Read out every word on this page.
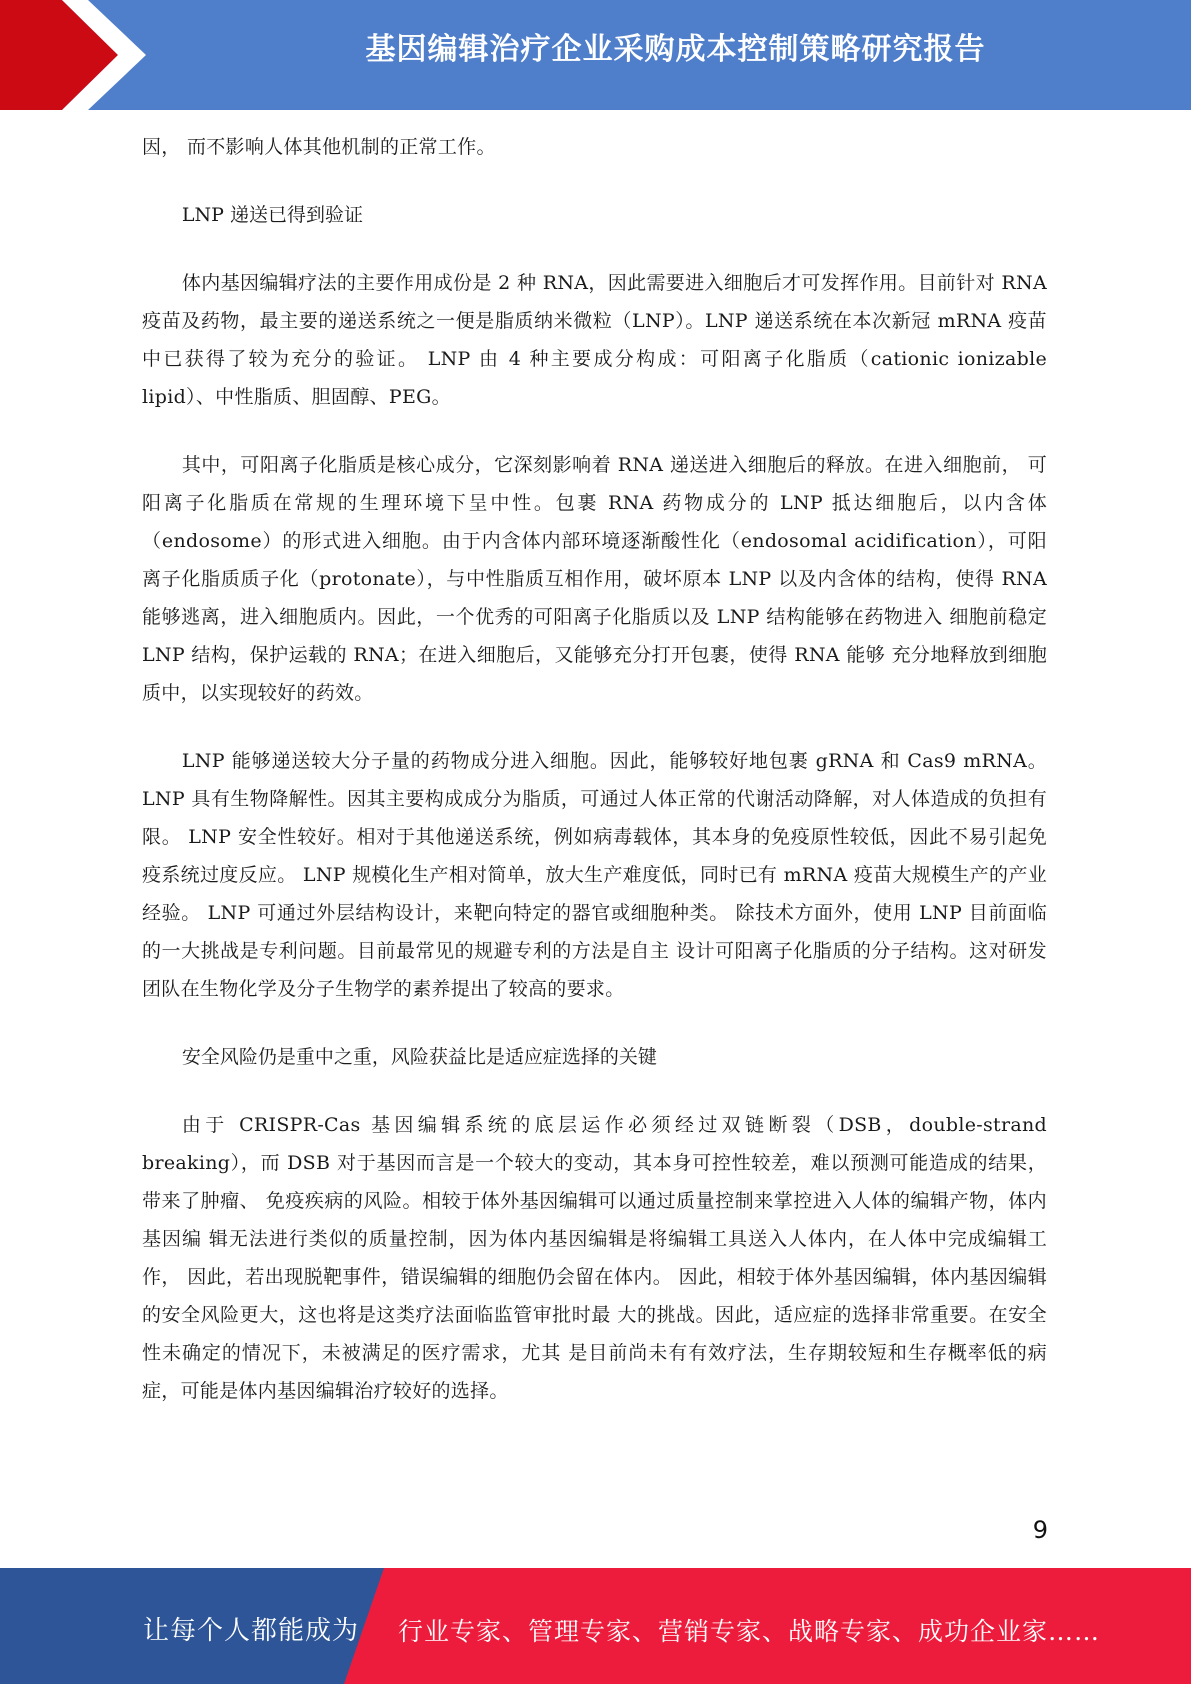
基因编辑治疗企业采购成本控制策略研究报告

因， 而不影响人体其他机制的正常工作。

LNP 递送已得到验证

体内基因编辑疗法的主要作用成份是 2 种 RNA，因此需要进入细胞后才可发挥作用。目前针对 RNA 疫苗及药物，最主要的递送系统之一便是脂质纳米微粒（LNP）。LNP 递送系统在本次新冠 mRNA 疫苗中已获得了较为充分的验证。 LNP 由 4 种主要成分构成：可阳离子化脂质（cationic ionizable lipid）、中性脂质、胆固醇、PEG。

其中，可阳离子化脂质是核心成分，它深刻影响着 RNA 递送进入细胞后的释放。在进入细胞前， 可阳离子化脂质在常规的生理环境下呈中性。包裹 RNA 药物成分的 LNP 抵达细胞后，以内含体 （endosome）的形式进入细胞。由于内含体内部环境逐渐酸性化（endosomal acidification），可阳 离子化脂质质子化（protonate），与中性脂质互相作用，破坏原本 LNP 以及内含体的结构，使得 RNA 能够逃离，进入细胞质内。因此，一个优秀的可阳离子化脂质以及 LNP 结构能够在药物进入 细胞前稳定 LNP 结构，保护运载的 RNA；在进入细胞后，又能够充分打开包裹，使得 RNA 能够 充分地释放到细胞质中，以实现较好的药效。

LNP 能够递送较大分子量的药物成分进入细胞。因此，能够较好地包裹 gRNA 和 Cas9 mRNA。LNP 具有生物降解性。因其主要构成成分为脂质，可通过人体正常的代谢活动降解，对人体造成的负担有限。 LNP 安全性较好。相对于其他递送系统，例如病毒载体，其本身的免疫原性较低，因此不易引起免 疫系统过度反应。 LNP 规模化生产相对简单，放大生产难度低，同时已有 mRNA 疫苗大规模生产的产业经验。 LNP 可通过外层结构设计，来靶向特定的器官或细胞种类。 除技术方面外，使用 LNP 目前面临的一大挑战是专利问题。目前最常见的规避专利的方法是自主 设计可阳离子化脂质的分子结构。这对研发团队在生物化学及分子生物学的素养提出了较高的要求。

安全风险仍是重中之重，风险获益比是适应症选择的关键

由于 CRISPR-Cas 基因编辑系统的底层运作必须经过双链断裂（DSB，double-strand breaking），而 DSB 对于基因而言是一个较大的变动，其本身可控性较差，难以预测可能造成的结果，带来了肿瘤、 免疫疾病的风险。相较于体外基因编辑可以通过质量控制来掌控进入人体的编辑产物，体内基因编 辑无法进行类似的质量控制，因为体内基因编辑是将编辑工具送入人体内，在人体中完成编辑工作， 因此，若出现脱靶事件，错误编辑的细胞仍会留在体内。 因此，相较于体外基因编辑，体内基因编辑的安全风险更大，这也将是这类疗法面临监管审批时最 大的挑战。因此，适应症的选择非常重要。在安全性未确定的情况下，未被满足的医疗需求，尤其 是目前尚未有有效疗法，生存期较短和生存概率低的病症，可能是体内基因编辑治疗较好的选择。

9
让每个人都能成为 行业专家、管理专家、营销专家、战略专家、成功企业家……
